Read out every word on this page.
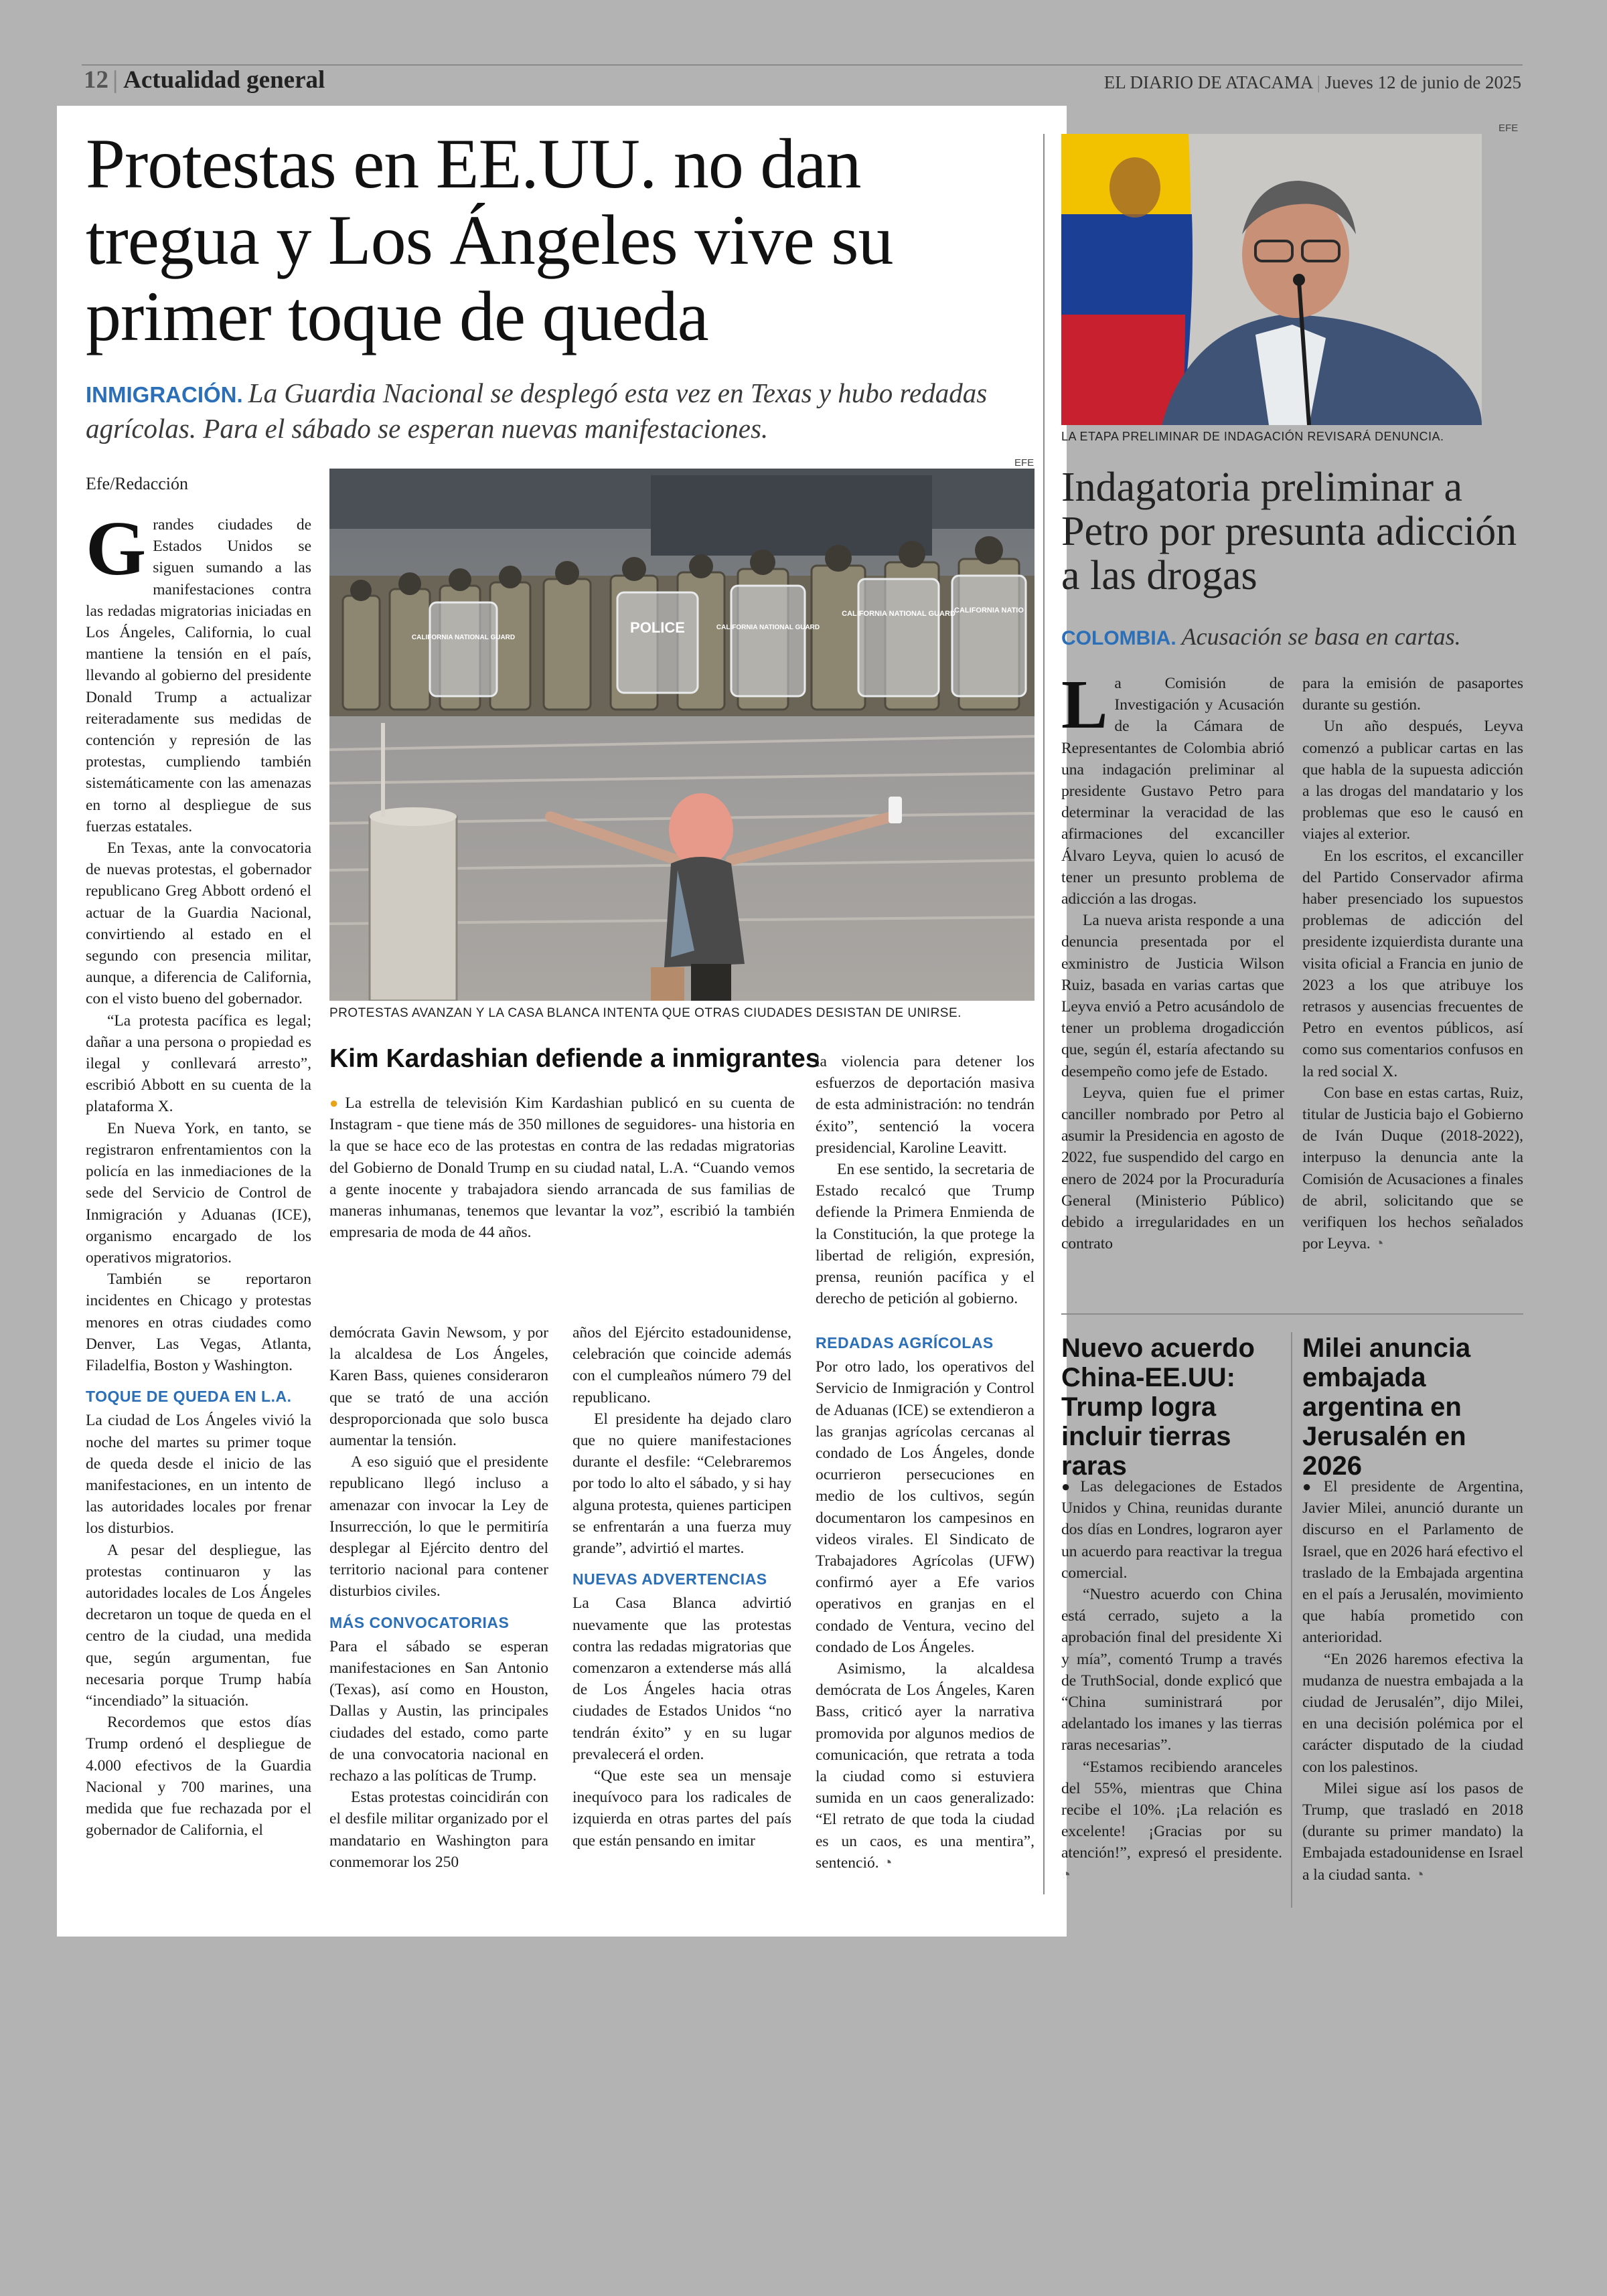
12 | Actualidad general	EL DIARIO DE ATACAMA | Jueves 12 de junio de 2025
Protestas en EE.UU. no dan tregua y Los Ángeles vive su primer toque de queda
INMIGRACIÓN. La Guardia Nacional se desplegó esta vez en Texas y hubo redadas agrícolas. Para el sábado se esperan nuevas manifestaciones.
Efe/Redacción
EFE
POLICE
CALIFORNIA NATIONAL GUARD
CALIFORNIA NATIONAL GUARD
CALIFORNIA NATIONAL GUARD
CALIFORNIA NATIO
PROTESTAS AVANZAN Y LA CASA BLANCA INTENTA QUE OTRAS CIUDADES DESISTAN DE UNIRSE.

Grandes ciudades de Estados Unidos se siguen sumando a las manifestaciones contra las redadas migratorias iniciadas en Los Ángeles, California, lo cual mantiene la tensión en el país, llevando al gobierno del presidente Donald Trump a actualizar reiteradamente sus medidas de contención y represión de las protestas, cumpliendo también sistemáticamente con las amenazas en torno al despliegue de sus fuerzas estatales.

En Texas, ante la convocatoria de nuevas protestas, el gobernador republicano Greg Abbott ordenó el actuar de la Guardia Nacional, convirtiendo al estado en el segundo con presencia militar, aunque, a diferencia de California, con el visto bueno del gobernador.

“La protesta pacífica es legal; dañar a una persona o propiedad es ilegal y conllevará arresto”, escribió Abbott en su cuenta de la plataforma X.

En Nueva York, en tanto, se registraron enfrentamientos con la policía en las inmediaciones de la sede del Servicio de Control de Inmigración y Aduanas (ICE), organismo encargado de los operativos migratorios.

También se reportaron incidentes en Chicago y protestas menores en otras ciudades como Denver, Las Vegas, Atlanta, Filadelfia, Boston y Washington.

TOQUE DE QUEDA EN L.A.

La ciudad de Los Ángeles vivió la noche del martes su primer toque de queda desde el inicio de las manifestaciones, en un intento de las autoridades locales por frenar los disturbios.

A pesar del despliegue, las protestas continuaron y las autoridades locales de Los Ángeles decretaron un toque de queda en el centro de la ciudad, una medida que, según argumentan, fue necesaria porque Trump había “incendiado” la situación.

Recordemos que estos días Trump ordenó el despliegue de 4.000 efectivos de la Guardia Nacional y 700 marines, una medida que fue rechazada por el gobernador de California, el

Kim Kardashian defiende a inmigrantes

● La estrella de televisión Kim Kardashian publicó en su cuenta de Instagram - que tiene más de 350 millones de seguidores- una historia en la que se hace eco de las protestas en contra de las redadas migratorias del Gobierno de Donald Trump en su ciudad natal, L.A. “Cuando vemos a gente inocente y trabajadora siendo arrancada de sus familias de maneras inhumanas, tenemos que levantar la voz”, escribió la también empresaria de moda de 44 años.

la violencia para detener los esfuerzos de deportación masiva de esta administración: no tendrán éxito”, sentenció la vocera presidencial, Karoline Leavitt.

En ese sentido, la secretaria de Estado recalcó que Trump defiende la Primera Enmienda de la Constitución, la que protege la libertad de religión, expresión, prensa, reunión pacífica y el derecho de petición al gobierno.

demócrata Gavin Newsom, y por la alcaldesa de Los Ángeles, Karen Bass, quienes consideraron que se trató de una acción desproporcionada que solo busca aumentar la tensión.

A eso siguió que el presidente republicano llegó incluso a amenazar con invocar la Ley de Insurrección, lo que le permitiría desplegar al Ejército dentro del territorio nacional para contener disturbios civiles.

MÁS CONVOCATORIAS

Para el sábado se esperan manifestaciones en San Antonio (Texas), así como en Houston, Dallas y Austin, las principales ciudades del estado, como parte de una convocatoria nacional en rechazo a las políticas de Trump.

Estas protestas coincidirán con el desfile militar organizado por el mandatario en Washington para conmemorar los 250

años del Ejército estadounidense, celebración que coincide además con el cumpleaños número 79 del republicano.

El presidente ha dejado claro que no quiere manifestaciones durante el desfile: “Celebraremos por todo lo alto el sábado, y si hay alguna protesta, quienes participen se enfrentarán a una fuerza muy grande”, advirtió el martes.

NUEVAS ADVERTENCIAS

La Casa Blanca advirtió nuevamente que las protestas contra las redadas migratorias que comenzaron a extenderse más allá de Los Ángeles hacia otras ciudades de Estados Unidos “no tendrán éxito” y en su lugar prevalecerá el orden.

“Que este sea un mensaje inequívoco para los radicales de izquierda en otras partes del país que están pensando en imitar

REDADAS AGRÍCOLAS

Por otro lado, los operativos del Servicio de Inmigración y Control de Aduanas (ICE) se extendieron a las granjas agrícolas cercanas al condado de Los Ángeles, donde ocurrieron persecuciones en medio de los cultivos, según documentaron los campesinos en videos virales. El Sindicato de Trabajadores Agrícolas (UFW) confirmó ayer a Efe varios operativos en granjas en el condado de Ventura, vecino del condado de Los Ángeles.

Asimismo, la alcaldesa demócrata de Los Ángeles, Karen Bass, criticó ayer la narrativa promovida por algunos medios de comunicación, que retrata a toda la ciudad como si estuviera sumida en un caos generalizado: “El retrato de que toda la ciudad es un caos, es una mentira”, sentenció. ◔

EFE
LA ETAPA PRELIMINAR DE INDAGACIÓN REVISARÁ DENUNCIA.
Indagatoria preliminar a Petro por presunta adicción a las drogas
COLOMBIA. Acusación se basa en cartas.

La Comisión de Investigación y Acusación de la Cámara de Representantes de Colombia abrió una indagación preliminar al presidente Gustavo Petro para determinar la veracidad de las afirmaciones del excanciller Álvaro Leyva, quien lo acusó de tener un presunto problema de adicción a las drogas.

La nueva arista responde a una denuncia presentada por el exministro de Justicia Wilson Ruiz, basada en varias cartas que Leyva envió a Petro acusándolo de tener un problema drogadicción que, según él, estaría afectando su desempeño como jefe de Estado.

Leyva, quien fue el primer canciller nombrado por Petro al asumir la Presidencia en agosto de 2022, fue suspendido del cargo en enero de 2024 por la Procuraduría General (Ministerio Público) debido a irregularidades en un contrato

para la emisión de pasaportes durante su gestión.

Un año después, Leyva comenzó a publicar cartas en las que habla de la supuesta adicción a las drogas del mandatario y los problemas que eso le causó en viajes al exterior.

En los escritos, el excanciller del Partido Conservador afirma haber presenciado los supuestos problemas de adicción del presidente izquierdista durante una visita oficial a Francia en junio de 2023 a los que atribuye los retrasos y ausencias frecuentes de Petro en eventos públicos, así como sus comentarios confusos en la red social X.

Con base en estas cartas, Ruiz, titular de Justicia bajo el Gobierno de Iván Duque (2018-2022), interpuso la denuncia ante la Comisión de Acusaciones a finales de abril, solicitando que se verifiquen los hechos señalados por Leyva. ◔

Nuevo acuerdo China-EE.UU: Trump logra incluir tierras raras

● Las delegaciones de Estados Unidos y China, reunidas durante dos días en Londres, lograron ayer un acuerdo para reactivar la tregua comercial.

“Nuestro acuerdo con China está cerrado, sujeto a la aprobación final del presidente Xi y mía”, comentó Trump a través de TruthSocial, donde explicó que “China suministrará por adelantado los imanes y las tierras raras necesarias”.

“Estamos recibiendo aranceles del 55%, mientras que China recibe el 10%. ¡La relación es excelente! ¡Gracias por su atención!”, expresó el presidente. ◔

Milei anuncia embajada argentina en Jerusalén en 2026

● El presidente de Argentina, Javier Milei, anunció durante un discurso en el Parlamento de Israel, que en 2026 hará efectivo el traslado de la Embajada argentina en el país a Jerusalén, movimiento que había prometido con anterioridad.

“En 2026 haremos efectiva la mudanza de nuestra embajada a la ciudad de Jerusalén”, dijo Milei, en una decisión polémica por el carácter disputado de la ciudad con los palestinos.

Milei sigue así los pasos de Trump, que trasladó en 2018 (durante su primer mandato) la Embajada estadounidense en Israel a la ciudad santa. ◔
